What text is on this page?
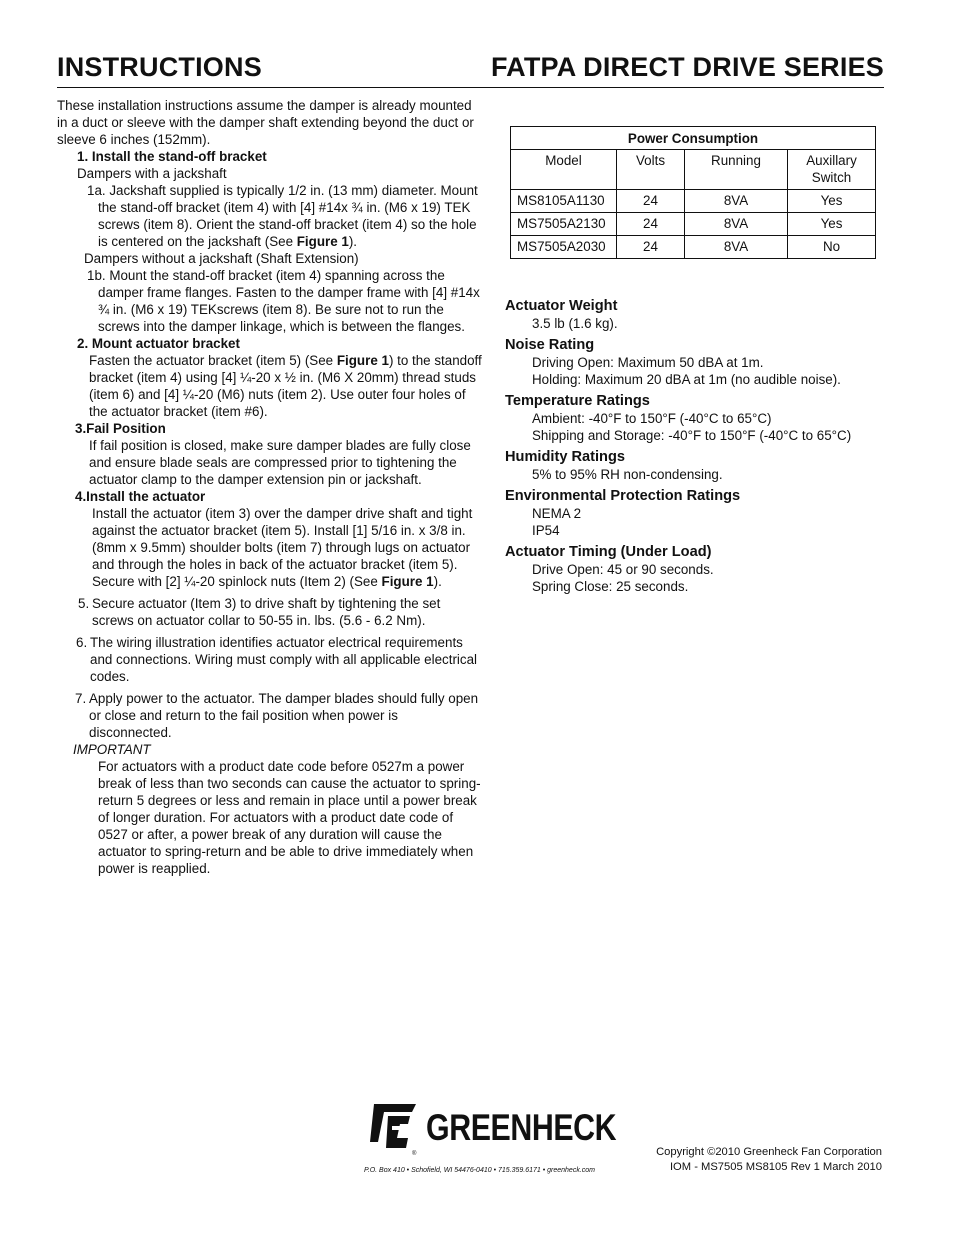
INSTRUCTIONS	FATPA DIRECT DRIVE SERIES

These installation instructions assume the damper is already mounted in a duct or sleeve with the damper shaft extending beyond the duct or sleeve 6 inches (152mm).

1. Install the stand-off bracket

Dampers with a jackshaft

1a. Jackshaft supplied is typically 1/2 in. (13 mm) diameter. Mount the stand-off bracket (item 4) with [4] #14x ¾ in. (M6 x 19) TEK screws (item 8). Orient the stand-off bracket (item 4) so the hole is centered on the jackshaft (See Figure 1).

Dampers without a jackshaft (Shaft Extension)

1b. Mount the stand-off bracket (item 4) spanning across the damper frame flanges. Fasten to the damper frame with [4] #14x ¾ in. (M6 x 19) TEKscrews (item 8). Be sure not to run the screws into the damper linkage, which is between the flanges.

2. Mount actuator bracket

Fasten the actuator bracket (item 5) (See Figure 1) to the standoff bracket (item 4) using [4] ¼-20 x ½ in. (M6 X 20mm) thread studs (item 6) and [4] ¼-20 (M6) nuts (item 2). Use outer four holes of the actuator bracket (item #6).

3.Fail Position

If fail position is closed, make sure damper blades are fully close and ensure blade seals are compressed prior to tightening the actuator clamp to the damper extension pin or jackshaft.

4.Install the actuator

Install the actuator (item 3) over the damper drive shaft and tight against the actuator bracket (item 5). Install [1] 5/16 in. x 3/8 in. (8mm x 9.5mm) shoulder bolts (item 7) through lugs on actuator and through the holes in back of the actuator bracket (item 5). Secure with [2] ¼-20 spinlock nuts (Item 2) (See Figure 1).

5. Secure actuator (Item 3) to drive shaft by tightening the set screws on actuator collar to 50-55 in. lbs. (5.6 - 6.2 Nm).
6. The wiring illustration identifies actuator electrical requirements and connections. Wiring must comply with all applicable electrical codes.
7. Apply power to the actuator. The damper blades should fully open or close and return to the fail position when power is disconnected.

IMPORTANT

For actuators with a product date code before 0527m a power break of less than two seconds can cause the actuator to spring-return 5 degrees or less and remain in place until a power break of longer duration. For actuators with a product date code of 0527 or after, a power break of any duration will cause the actuator to spring-return and be able to drive immediately when power is reapplied.

Power Consumption			
Model	Volts	Running	Auxillary Switch
MS8105A1130	24	8VA	Yes
MS7505A2130	24	8VA	Yes
MS7505A2030	24	8VA	No
Actuator Weight
3.5 lb (1.6 kg).
Noise Rating
Driving Open: Maximum 50 dBA at 1m.
Holding: Maximum 20 dBA at 1m (no audible noise).
Temperature Ratings
Ambient: -40°F to 150°F (-40°C to 65°C)
Shipping and Storage: -40°F to 150°F (-40°C to 65°C)
Humidity Ratings
5% to 95% RH non-condensing.
Environmental Protection Ratings
NEMA 2
IP54
Actuator Timing (Under Load)
Drive Open: 45 or 90 seconds.
Spring Close: 25 seconds.
®
GREENHECK
P.O. Box 410 • Schofield, WI 54476-0410 • 715.359.6171 • greenheck.com
Copyright ©2010 Greenheck Fan Corporation
IOM - MS7505 MS8105 Rev 1 March 2010
